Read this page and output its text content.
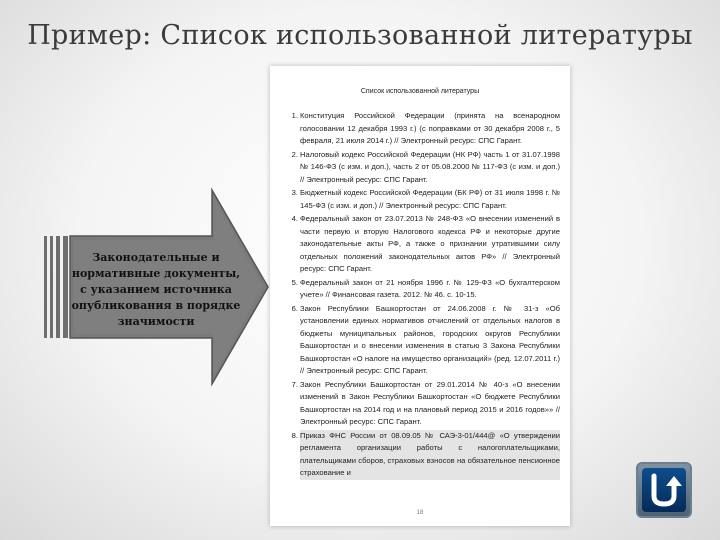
Пример: Список использованной литературы
Законодательные и нормативные документы, с указанием источника опубликования в порядке значимости
Список использованной литературы
1. Конституция Российской Федерации (принята на всенародном голосовании 12 декабря 1993 г.) (с поправками от 30 декабря 2008 г., 5 февраля, 21 июля 2014 г.) // Электронный ресурс: СПС Гарант.
2. Налоговый кодекс Российской Федерации (НК РФ) часть 1 от 31.07.1998 № 146-ФЗ (с изм. и доп.), часть 2 от 05.08.2000 № 117-ФЗ (с изм. и доп.) // Электронный ресурс: СПС Гарант.
3. Бюджетный кодекс Российской Федерации (БК РФ) от 31 июля 1998 г. № 145-ФЗ (с изм. и доп.) // Электронный ресурс: СПС Гарант.
4. Федеральный закон от 23.07.2013 № 248-ФЗ «О внесении изменений в части первую и вторую Налогового кодекса РФ и некоторые другие законодательные акты РФ, а также о признании утратившими силу отдельных положений законодательных актов РФ» // Электронный ресурс: СПС Гарант.
5. Федеральный закон от 21 ноября 1996 г. № 129-ФЗ «О бухгалтерском учете» // Финансовая газета. 2012. № 46. с. 10-15.
6. Закон Республики Башкортостан от 24.06.2008 г. № 31-з «Об установлении единых нормативов отчислений от отдельных налогов в бюджеты муниципальных районов, городских округов Республики Башкортостан и о внесении изменения в статью 3 Закона Республики Башкортостан «О налоге на имущество организаций» (ред. 12.07.2011 г.) // Электронный ресурс: СПС Гарант.
7. Закон Республики Башкортостан от 29.01.2014 № 40-з «О внесении изменений в Закон Республики Башкортостан «О бюджете Республики Башкортостан на 2014 год и на плановый период 2015 и 2016 годов»» // Электронный ресурс: СПС Гарант.
8. Приказ ФНС России от 08.09.05 № САЭ-3-01/444@ «О утверждении регламента организации работы с налогоплательщиками, плательщиками сборов, страховых взносов на обязательное пенсионное страхование и
18
